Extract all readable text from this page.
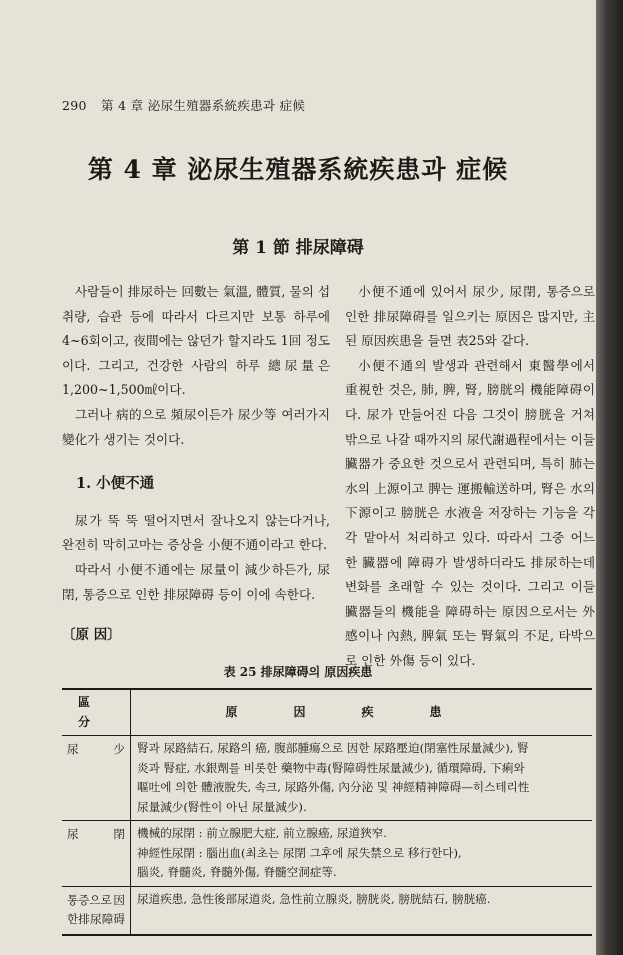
290 第 4 章 泌尿生殖器系統疾患과 症候
第 4 章 泌尿生殖器系統疾患과 症候
第 1 節 排尿障碍

사람들이 排尿하는 回數는 氣溫, 體質, 물의 섭취량, 습관 등에 따라서 다르지만 보통 하루에 4~6회이고, 夜間에는 않던가 할지라도 1回 정도이다. 그리고, 건강한 사람의 하루 總尿量은 1,200~1,500㎖이다.

그러나 病的으로 頻尿이든가 尿少等 여러가지 變化가 생기는 것이다.

1. 小便不通

尿가 뚝 뚝 떨어지면서 잘나오지 않는다거나, 완전히 막히고마는 증상을 小便不通이라고 한다.

따라서 小便不通에는 尿量이 減少하든가, 尿閉, 통증으로 인한 排尿障碍 등이 이에 속한다.

小便不通에 있어서 尿少, 尿閉, 통증으로 인한 排尿障碍를 일으키는 原因은 많지만, 主된 原因疾患을 들면 表25와 같다.

小便不通의 발생과 관련해서 東醫學에서 重視한 것은, 肺, 脾, 腎, 膀胱의 機能障碍이다. 尿가 만들어진 다음 그것이 膀胱을 거쳐 밖으로 나갈 때까지의 尿代謝過程에서는 이들 臟器가 중요한 것으로서 관련되며, 특히 肺는 水의 上源이고 脾는 運搬輸送하며, 腎은 水의 下源이고 膀胱은 水液을 저장하는 기능을 각각 맡아서 처리하고 있다. 따라서 그중 어느 한 臟器에 障碍가 발생하더라도 排尿하는데 변화를 초래할 수 있는 것이다. 그리고 이들 臟器들의 機能을 障碍하는 原因으로서는 外感이나 內熱, 脾氣 또는 腎氣의 不足, 타박으로 인한 外傷 등이 있다.

〔原 因〕
表 25 排尿障碍의 原因疾患
區分	原因疾患
尿 少	腎과 尿路結石, 尿路의 癌, 腹部腫瘍으로 因한 尿路壓迫(閉塞性尿量減少), 腎
炎과 腎症, 水銀劑를 비롯한 藥物中毒(腎障碍性尿量減少), 循環障碍, 下痢와
嘔吐에 의한 體液脫失, 속크, 尿路外傷, 內分泌 및 神經精神障碍—히스테리性
尿量減少(腎性이 아닌 尿量減少).

尿 閉	機械的尿閉 : 前立腺肥大症, 前立腺癌, 尿道狹窄.
神經性尿閉 : 腦出血(최초는 尿閉 그후에 尿失禁으로 移行한다),
腦炎, 脊髓炎, 脊髓外傷, 脊髓空洞症等.

통증으로因한排尿障碍	尿道疾患, 急性後部尿道炎, 急性前立腺炎, 膀胱炎, 膀胱結石, 膀胱癌.
